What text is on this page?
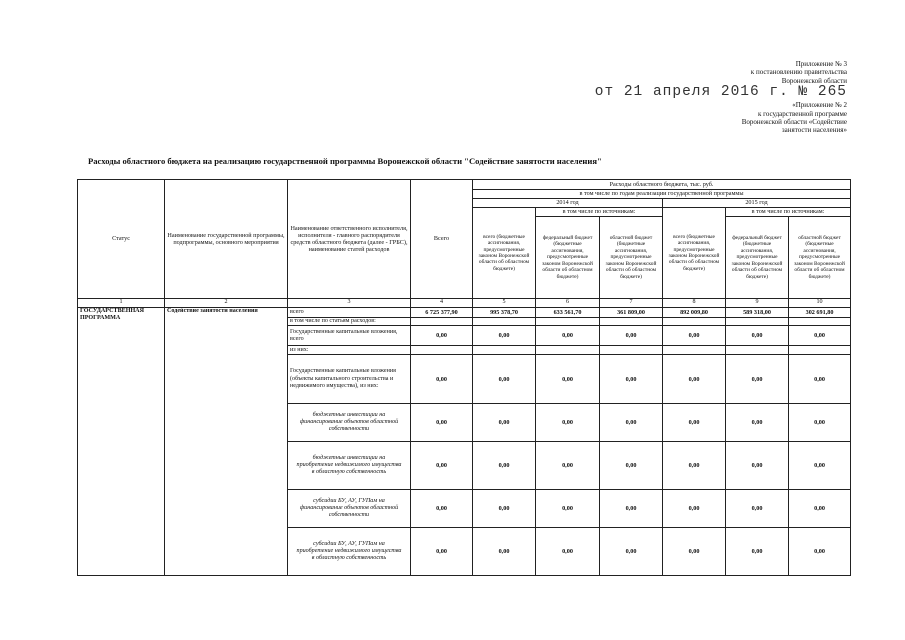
Приложение № 3
к постановлению правительства
Воронежской области
от 21 апреля 2016 г. № 265
«Приложение № 2
к государственной программе
Воронежской области «Содействие
занятости населения»
Расходы областного бюджета на реализацию государственной программы Воронежской области "Содействие занятости населения"
Статус	Наименование государственной программы, подпрограммы, основного мероприятия	Наименование ответственного исполнителя, исполнителя - главного распорядителя средств областного бюджета (далее - ГРБС), наименование статей расходов	Всего	Расходы областного бюджета, тыс. руб.					
				в том числе по годам реализации государственной программы					
				2014 год			2015 год		
				всего (бюджетные ассигнования, предусмотренные законом Воронежской области об областном бюджете)	в том числе по источникам:		всего (бюджетные ассигнования, предусмотренные законом Воронежской области об областном бюджете)	в том числе по источникам:	
					федеральный бюджет (бюджетные ассигнования, предусмотренные законом Воронежской области об областном бюджете)	областной бюджет (бюджетные ассигнования, предусмотренные законом Воронежской области об областном бюджете)		федеральный бюджет (бюджетные ассигнования, предусмотренные законом Воронежской области об областном бюджете)	областной бюджет (бюджетные ассигнования, предусмотренные законом Воронежской области об областном бюджете)
1	2	3	4	5	6	7	8	9	10
ГОСУДАРСТВЕННАЯ ПРОГРАММА	Содействие занятости населения	всего	6 725 377,90	995 378,70	633 561,70	361 809,00	892 009,80	589 318,00	302 691,80
		в том числе по статьям расходов:							
		Государственные капитальные вложения, всего	0,00	0,00	0,00	0,00	0,00	0,00	0,00
		из них:							
		Государственные капитальные вложения (объекты капитального строительства и недвижимого имущества), из них:	0,00	0,00	0,00	0,00	0,00	0,00	0,00
		бюджетные инвестиции на финансирование объектов областной собственности	0,00	0,00	0,00	0,00	0,00	0,00	0,00
		бюджетные инвестиции на приобретение недвижимого имущества в областную собственность	0,00	0,00	0,00	0,00	0,00	0,00	0,00
		субсидии БУ, АУ, ГУПам на финансирование объектов областной собственности	0,00	0,00	0,00	0,00	0,00	0,00	0,00
		субсидии БУ, АУ, ГУПам на приобретение недвижимого имущества в областную собственность	0,00	0,00	0,00	0,00	0,00	0,00	0,00
